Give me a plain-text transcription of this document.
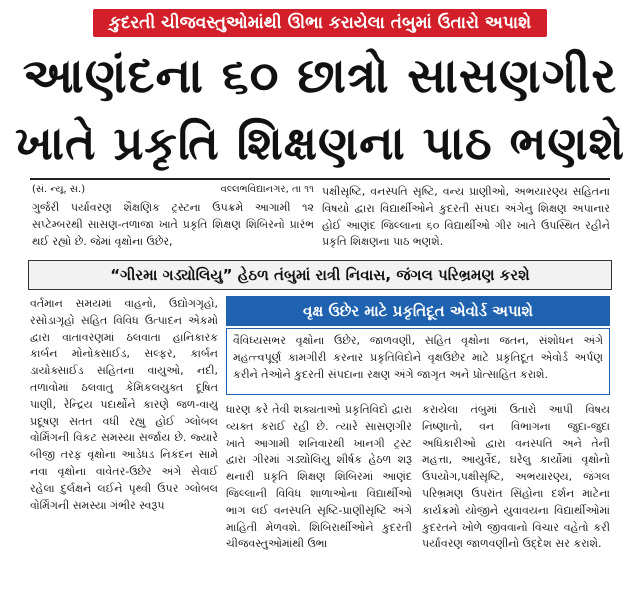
કુદરતી ચીજવસ્તુઓમાંથી ઊભા કરાયેલા તંબુમાં ઉતારો અપાશે
આણંદના ૬૦ છાત્રો સાસણગીર
ખાતે પ્રકૃતિ શિક્ષણના પાઠ ભણશે
(સં. ન્યૂ. સ.)	વલ્લભવિદ્યાનગર, તા ૧૧
ગુર્જરી પર્યાવરણ શૈક્ષણિક ટ્રસ્ટના ઉપક્રમે આગામી ૧૨ સપ્ટેમ્બરથી સાસણ-તળાજા ખાતે પ્રકૃતિ શિક્ષણ શિબિરનો પ્રારંભ થઈ રહ્યો છે. જેમાં વૃક્ષોના ઉછેર,
પક્ષીસૃષ્ટિ, વનસ્પતિ સૃષ્ટિ, વન્ય પ્રાણીઓ, અભયારણ્ય સહિતના વિષયો દ્વારા વિદ્યાર્થીઓને કુદરતી સંપદા અંગેનુ શિક્ષણ અપાનાર હોઈ આણંદ જિલ્લાના ૬૦ વિદ્યાર્થીઓ ગીર ખાતે ઉપસ્થિત રહીને પ્રકૃતિ શિક્ષણના પાઠ ભણશે.
“ગીરમા ગડ્યોલિયુ” હેઠળ તંબુમાં રાત્રી નિવાસ, જંગલ પરિભ્રમણ કરશે
વર્તમાન સમયમાં વાહનો, ઉદ્યોગગૃહો, રસોડાગૃહો સહિત વિવિધ ઉત્પાદન એકમો દ્વારા વાતાવરણમાં ઠલવાતા હાનિકારક કાર્બન મોનોક્સાઈડ, સલ્ફર, કાર્બન ડાયોક્સાઈડ સહિતના વાયુઓ, નદી, તળાવોમાં ઠલવાતુ કેમિકલયુક્ત દૂષિત પાણી, રેન્દ્રિય પદાર્થોને કારણે જળ-વાયુ પ્રદૂષણ સતત વધી રહ્યુ હોઈ ગ્લોબલ વોર્મિંગની વિકટ સમસ્યા સર્જાય છે. જ્યારે બીજી તરફ વૃક્ષોના આડેધડ નિકંદન સામે નવા વૃક્ષોના વાવેતર-ઉછેર અંગે સેવાઈ રહેલા દુર્લક્ષને લઈને પૃથ્વી ઉપર ગ્લોબલ વોર્મિંગની સમસ્યા ગંભીર સ્વરૂપ
વૃક્ષ ઉછેર માટે પ્રકૃતિદૂત એવોર્ડ અપાશે
વૈવિધ્યસભર વૃક્ષોના ઉછેર, જાળવણી, સહિત વૃક્ષોના જતન, સંશોધન અંગે મહત્ત્વપૂર્ણ કામગીરી કરનાર પ્રકૃતિવિદોને વૃક્ષઉછેર માટે પ્રકૃતિદૂત એવોર્ડ અર્પણ કરીને તેઓને કુદરતી સંપદાના રક્ષણ અંગે જાગૃત અને પ્રોત્સાહિત કરાશે.
ધારણ કરે તેવી શક્યતાઓ પ્રકૃતિવિદો દ્વારા વ્યક્ત કરાઈ રહી છે. ત્યારે સાસણગીર ખાતે આગામી શનિવારથી ખાનગી ટ્રસ્ટ દ્વારા ગીરમાં ગડ્યોલિયુ શીર્ષક હેઠળ શરૂ થનારી પ્રકૃતિ શિક્ષણ શિબિરમાં આણંદ જિલ્લાની વિવિધ શાળાઓના વિદ્યાર્થીઓ ભાગ લઈ વનસ્પતિ સૃષ્ટિ-પ્રાણીસૃષ્ટિ અંગે માહિતી મેળવશે. શિબિરાર્થીઓને કુદરતી ચીજવસ્તુઓમાંથી ઉભા
કરાયેલા તંબુમાં ઉતારો આપી વિષય નિષ્ણાતો, વન વિભાગના જુદા-જુદા અધિકારીઓ દ્વારા વનસ્પતિ અને તેની મહત્તા, આયુર્વેદ, ઘરેલુ કાર્યોમાં વૃક્ષોનો ઉપયોગ,પક્ષીસૃષ્ટિ, અભયારણ્ય, જંગલ પરિભ્રમણ ઉપરાંત સિંહોના દર્શન માટેના કાર્યક્રમો યોજીને યુવાવયના વિદ્યાર્થીઓમાં કુદરતને ખોળે જીવવાનો વિચાર વહેતો કરી પર્યાવરણ જાળવણીનો ઉદ્દેશ સર કરાશે.
